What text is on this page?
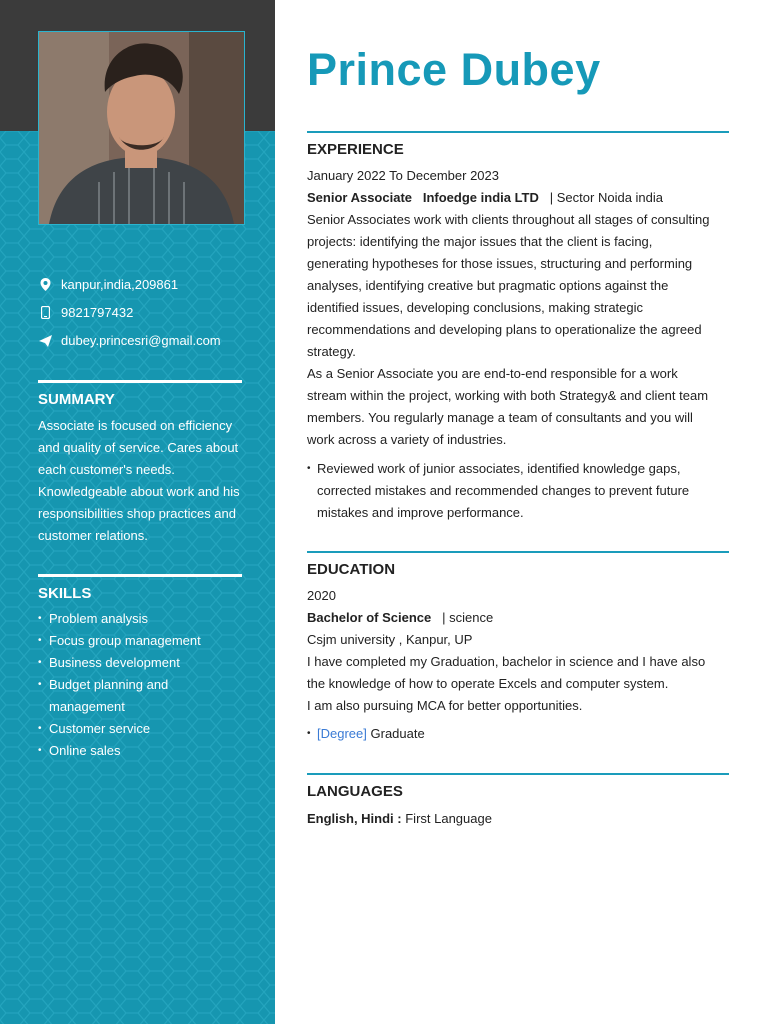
kanpur,india,209861
9821797432
dubey.princesri@gmail.com
SUMMARY
Associate is focused on efficiency
and quality of service. Cares about
each customer's needs.
Knowledgeable about work and his
responsibilities shop practices and
customer relations.
SKILLS
• Problem analysis
• Focus group management
• Business development
• Budget planning and
management
• Customer service
• Online sales
Prince Dubey
EXPERIENCE
January 2022 To December 2023
Senior Associate Infoedge india LTD | Sector Noida india
Senior Associates work with clients throughout all stages of consulting
projects: identifying the major issues that the client is facing,
generating hypotheses for those issues, structuring and performing
analyses, identifying creative but pragmatic options against the
identified issues, developing conclusions, making strategic
recommendations and developing plans to operationalize the agreed
strategy.
As a Senior Associate you are end-to-end responsible for a work
stream within the project, working with both Strategy& and client team
members. You regularly manage a team of consultants and you will
work across a variety of industries.
• Reviewed work of junior associates, identified knowledge gaps,
corrected mistakes and recommended changes to prevent future
mistakes and improve performance.
EDUCATION
2020
Bachelor of Science | science
Csjm university , Kanpur, UP
I have completed my Graduation, bachelor in science and I have also
the knowledge of how to operate Excels and computer system.
I am also pursuing MCA for better opportunities.
• [Degree] Graduate
LANGUAGES
English, Hindi : First Language
